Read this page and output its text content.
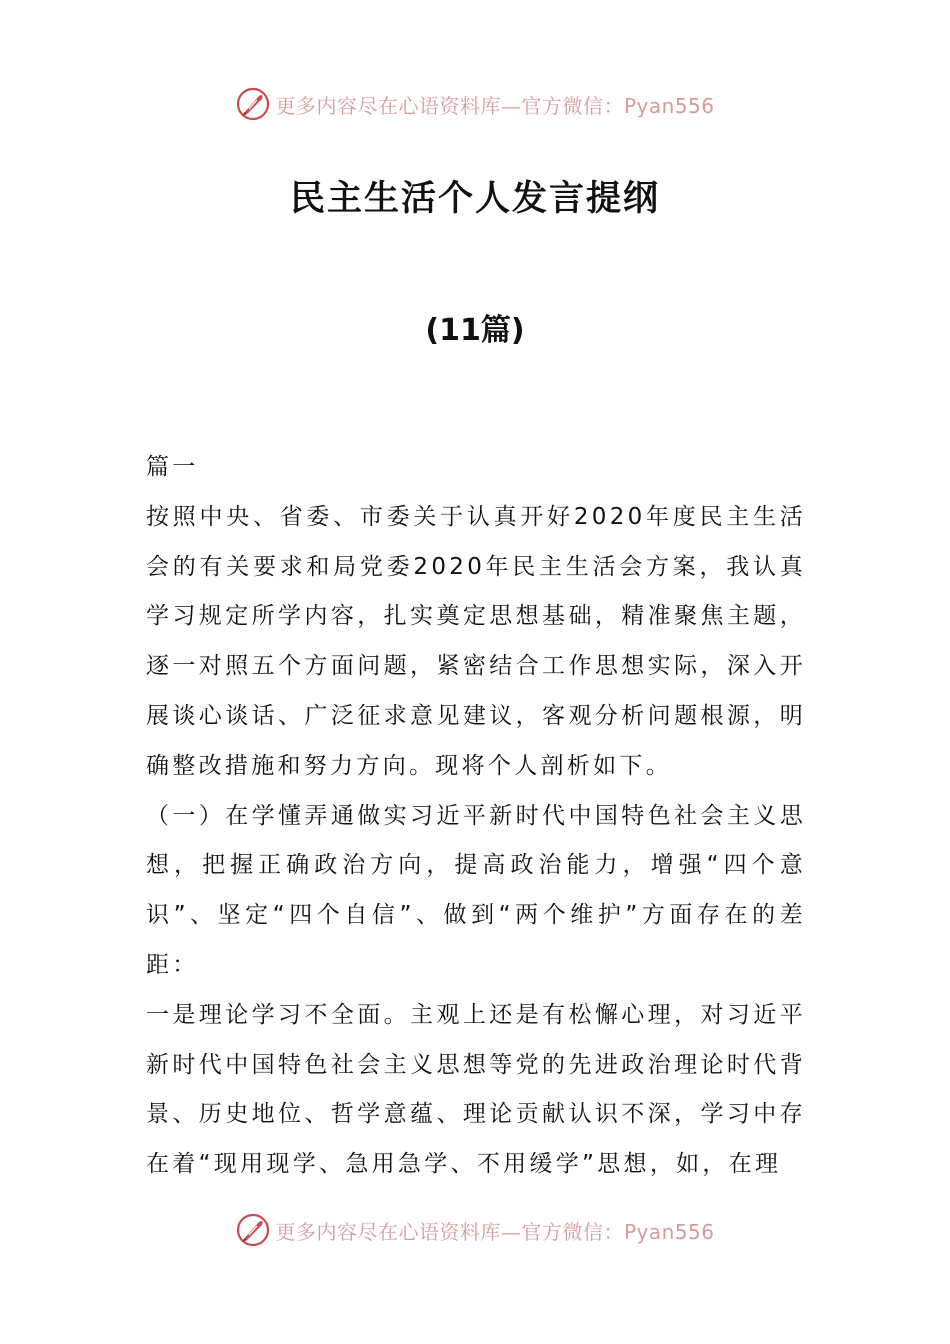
更多内容尽在心语资料库—官方微信：Pyan556
民主生活个人发言提纲
(11篇)

篇一

按照中央、省委、市委关于认真开好2020年度民主生活会的有关要求和局党委2020年民主生活会方案，我认真学习规定所学内容，扎实奠定思想基础，精准聚焦主题，逐一对照五个方面问题，紧密结合工作思想实际，深入开展谈心谈话、广泛征求意见建议，客观分析问题根源，明确整改措施和努力方向。现将个人剖析如下。

（一）在学懂弄通做实习近平新时代中国特色社会主义思想，把握正确政治方向，提高政治能力，增强“四个意识”、坚定“四个自信”、做到“两个维护”方面存在的差距：

一是理论学习不全面。主观上还是有松懈心理，对习近平新时代中国特色社会主义思想等党的先进政治理论时代背景、历史地位、哲学意蕴、理论贡献认识不深，学习中存在着“现用现学、急用急学、不用缓学”思想，如，在理

更多内容尽在心语资料库—官方微信：Pyan556
